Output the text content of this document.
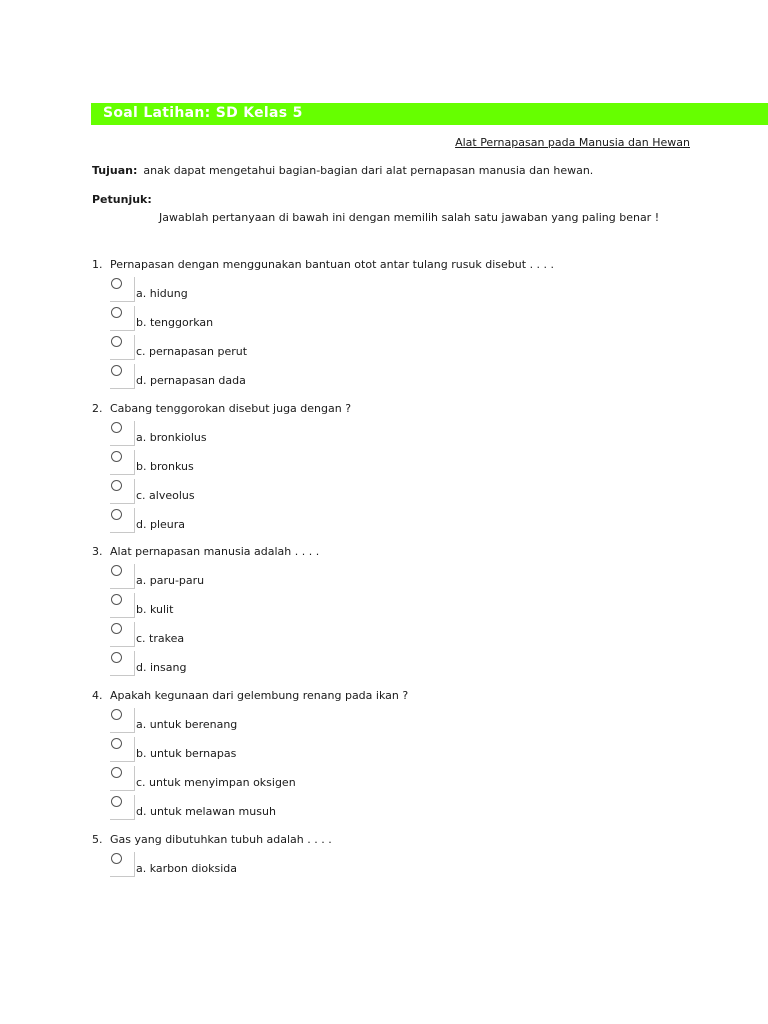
Soal Latihan: SD Kelas 5
Alat Pernapasan pada Manusia dan Hewan
Tujuan: anak dapat mengetahui bagian-bagian dari alat pernapasan manusia dan hewan.
Petunjuk:
Jawablah pertanyaan di bawah ini dengan memilih salah satu jawaban yang paling benar !
1. Pernapasan dengan menggunakan bantuan otot antar tulang rusuk disebut . . . .
a. hidung
b. tenggorkan
c. pernapasan perut
d. pernapasan dada
2. Cabang tenggorokan disebut juga dengan ?
a. bronkiolus
b. bronkus
c. alveolus
d. pleura
3. Alat pernapasan manusia adalah . . . .
a. paru-paru
b. kulit
c. trakea
d. insang
4. Apakah kegunaan dari gelembung renang pada ikan ?
a. untuk berenang
b. untuk bernapas
c. untuk menyimpan oksigen
d. untuk melawan musuh
5. Gas yang dibutuhkan tubuh adalah . . . .
a. karbon dioksida
